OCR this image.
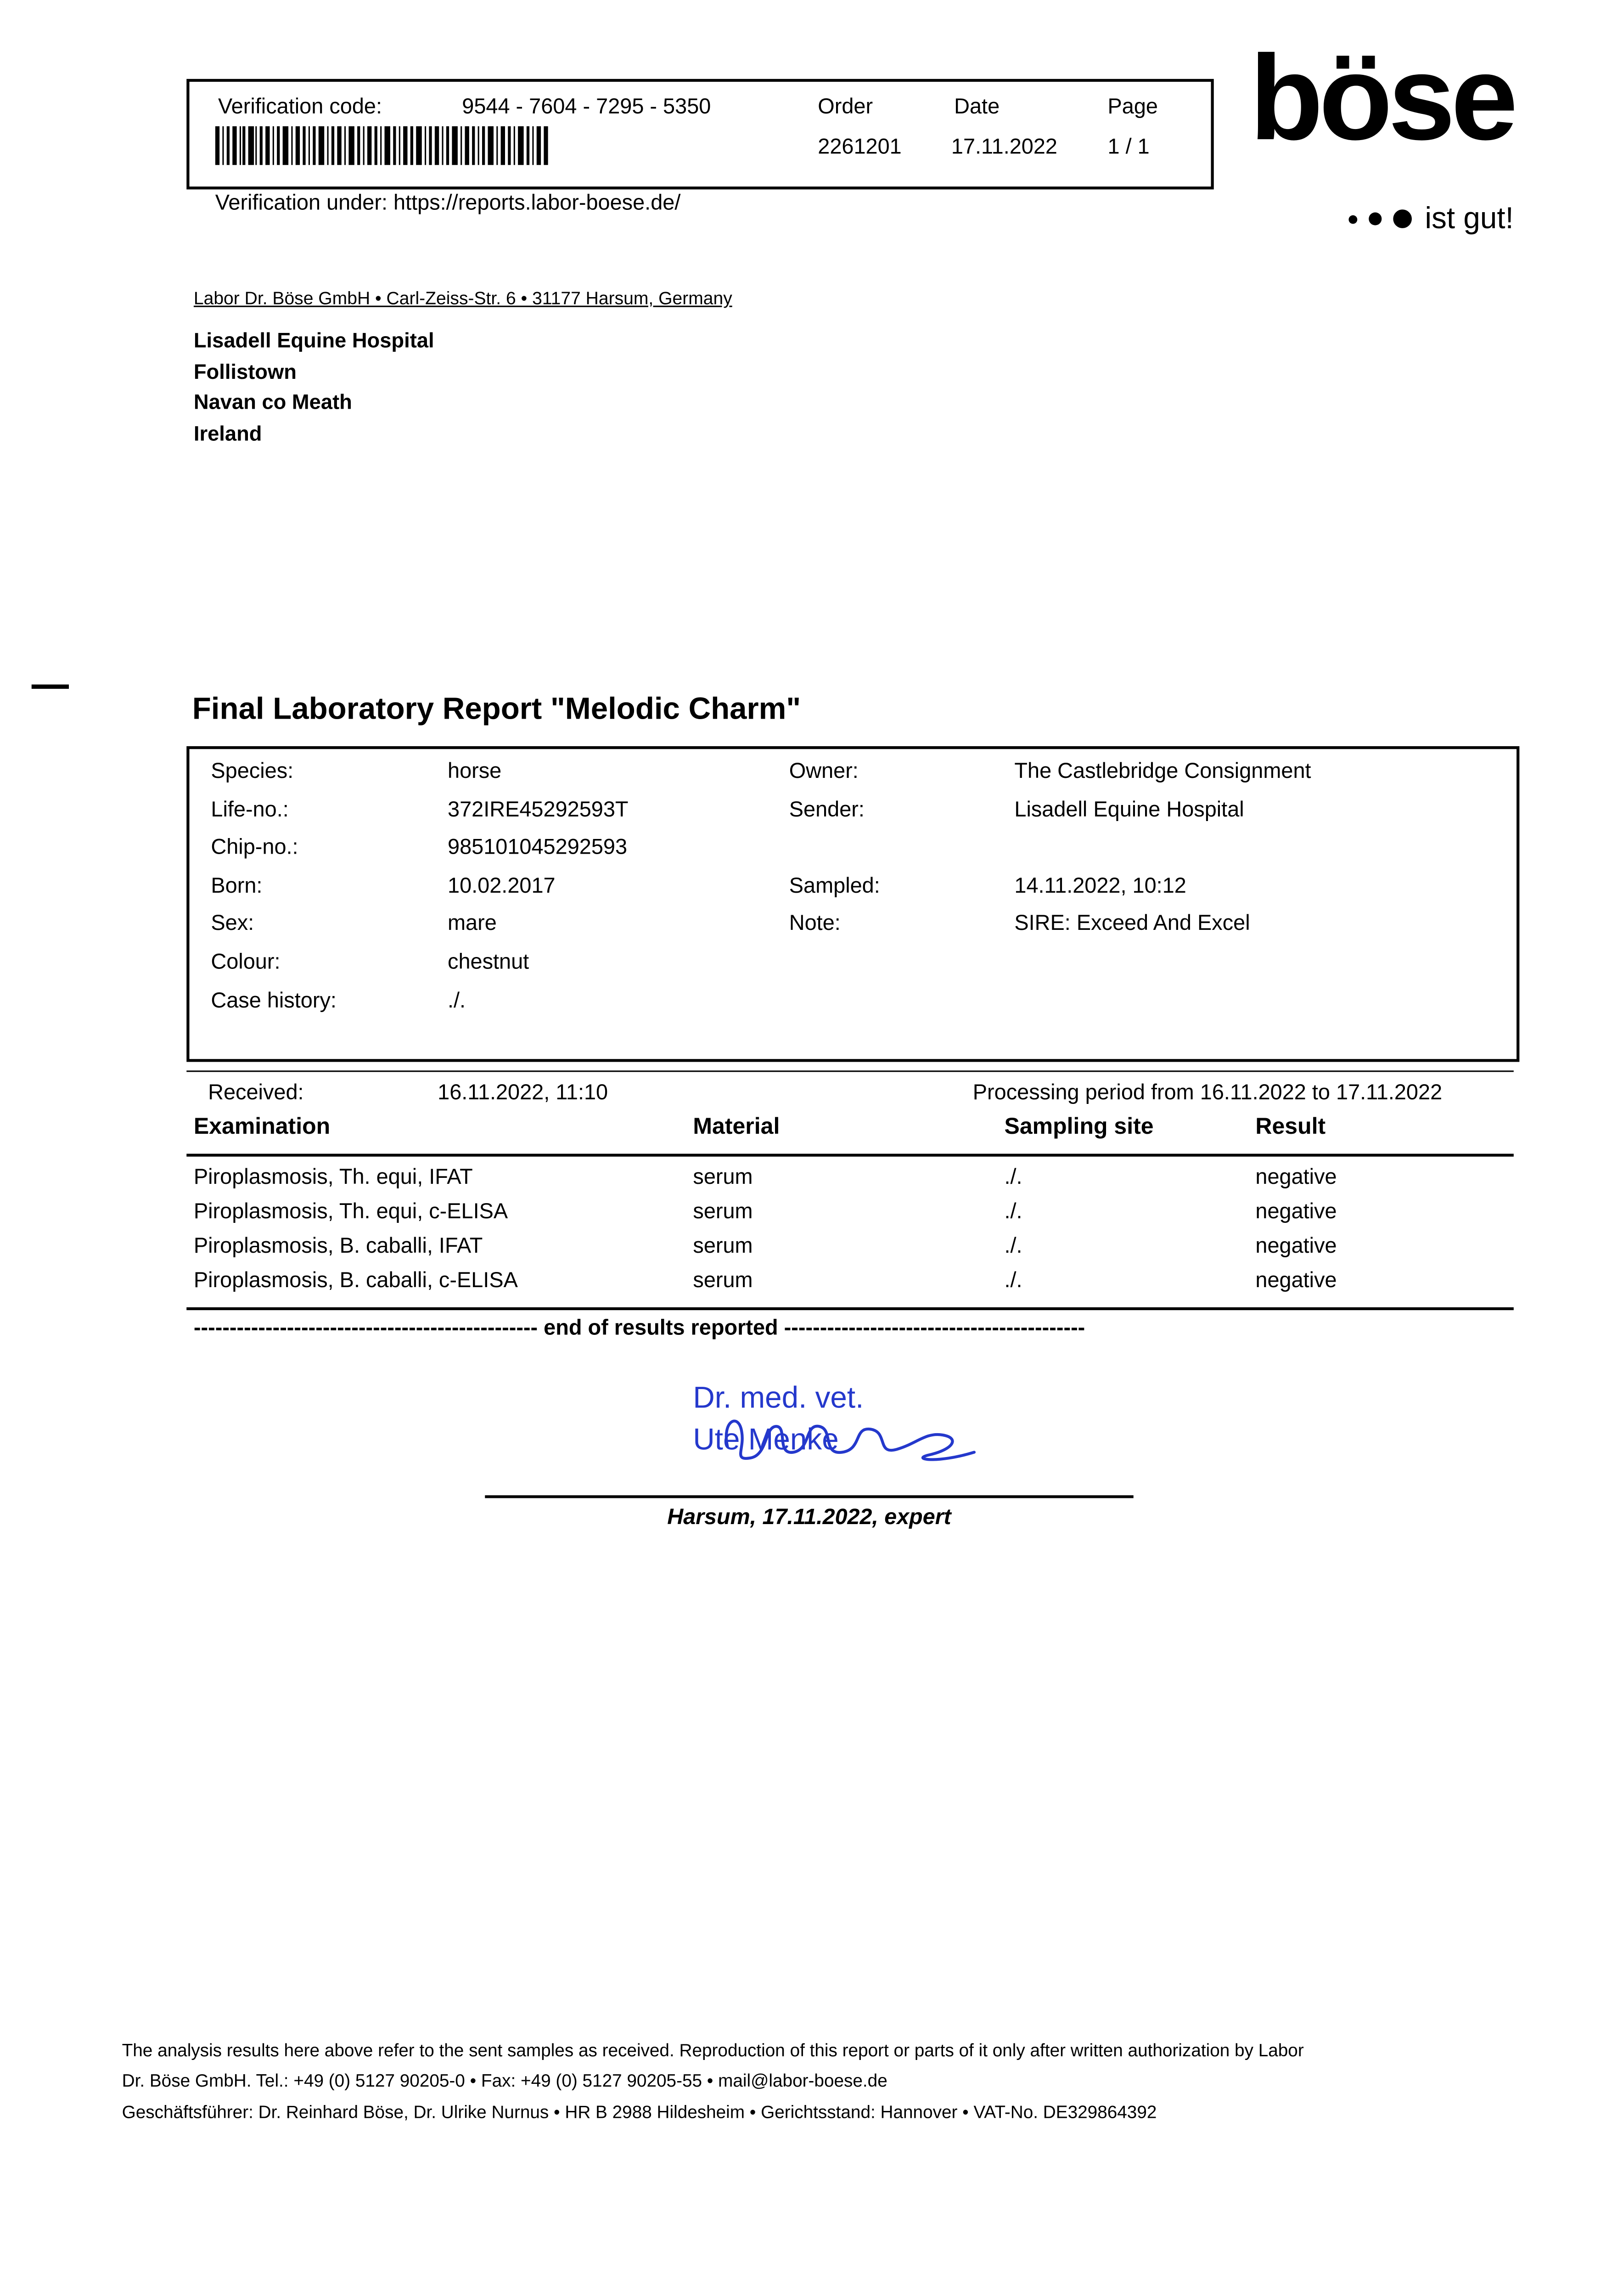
Verification code:	9544 - 7604 - 7295 - 5350	Order	Date	Page
2261201	17.11.2022	1 / 1
Verification under: https://reports.labor-boese.de/
böse
ist gut!
Labor Dr. Böse GmbH • Carl-Zeiss-Str. 6 • 31177 Harsum, Germany
Lisadell Equine Hospital
Follistown
Navan co Meath
Ireland
Final Laboratory Report "Melodic Charm"
Species:	horse	Owner:	The Castlebridge Consignment
Life-no.:	372IRE45292593T	Sender:	Lisadell Equine Hospital
Chip-no.:	985101045292593
Born:	10.02.2017	Sampled:	14.11.2022, 10:12
Sex:	mare	Note:	SIRE: Exceed And Excel
Colour:	chestnut
Case history:	./.
Received:	16.11.2022, 11:10	Processing period from 16.11.2022 to 17.11.2022
Examination	Material	Sampling site	Result
Piroplasmosis, Th. equi, IFAT	serum	./.	negative
Piroplasmosis, Th. equi, c-ELISA	serum	./.	negative
Piroplasmosis, B. caballi, IFAT	serum	./.	negative
Piroplasmosis, B. caballi, c-ELISA	serum	./.	negative
------------------------------------------------ end of results reported ------------------------------------------
Dr. med. vet.
Ute Menke
Harsum, 17.11.2022, expert
The analysis results here above refer to the sent samples as received. Reproduction of this report or parts of it only after written authorization by Labor
Dr. Böse GmbH. Tel.: +49 (0) 5127 90205-0 • Fax: +49 (0) 5127 90205-55 • mail@labor-boese.de
Geschäftsführer: Dr. Reinhard Böse, Dr. Ulrike Nurnus • HR B 2988 Hildesheim • Gerichtsstand: Hannover • VAT-No. DE329864392
